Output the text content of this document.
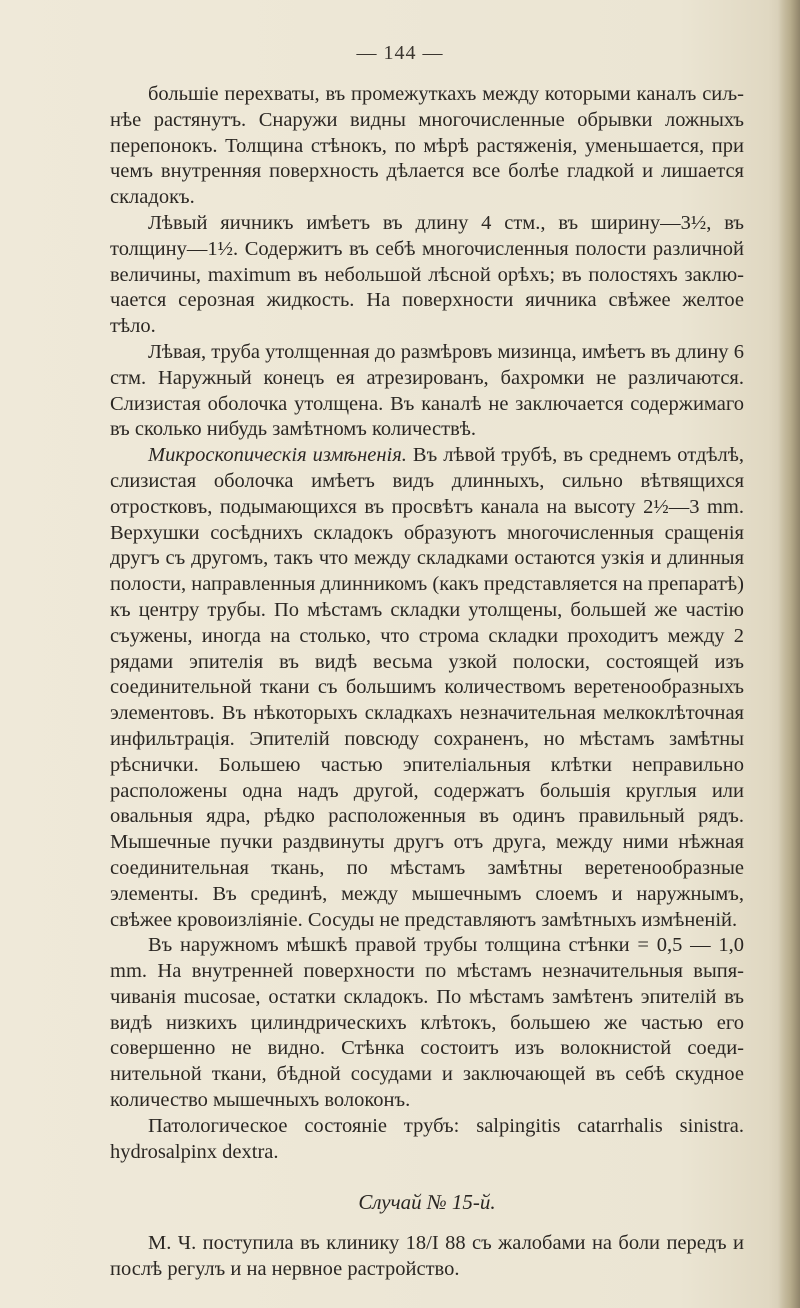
— 144 —

большіе перехваты, въ промежуткахъ между которыми каналъ сиљнѣе растянутъ. Снаружи видны многочисленные обрывки ложныхъ перепонокъ. Толщина стѣнокъ, по мѣрѣ растяженія, уменьшается, при чемъ внутренняя поверхность дѣлается все болѣе гладкой и лишается складокъ.

Лѣвый яичникъ имѣетъ въ длину 4 стм., въ ширину—3½, въ толщину—1½. Содержитъ въ себѣ многочисленныя полости различной величины, maximum въ небольшой лѣсной орѣхъ; въ полостяхъ заключается серозная жидкость. На поверхности яичника свѣжее желтое тѣло.

Лѣвая, труба утолщенная до размѣровъ мизинца, имѣетъ въ длину 6 стм. Наружный конецъ ея атрезированъ, бахромки не различаются. Слизистая оболочка утолщена. Въ каналѣ не заключается содержимаго въ сколько нибудь замѣтномъ количествѣ.

Микроскопическія измѣненія. Въ лѣвой трубѣ, въ среднемъ отдѣлѣ, слизистая оболочка имѣетъ видъ длинныхъ, сильно вѣтвящихся отростковъ, подымающихся въ просвѣтъ канала на высоту 2½—3 mm. Верхушки сосѣднихъ складокъ образуютъ многочисленныя сращенія другъ съ другомъ, такъ что между складками остаются узкія и длинныя полости, направленныя длинникомъ (какъ представляется на препаратѣ) къ центру трубы. По мѣстамъ складки утолщены, большей же частію съужены, иногда на столько, что строма складки проходитъ между 2 рядами эпителія въ видѣ весьма узкой полоски, состоящей изъ соединительной ткани съ большимъ количествомъ веретенообразныхъ элементовъ. Въ нѣкоторыхъ складкахъ незначительная мелкоклѣточная инфильтрація. Эпителій повсюду сохраненъ, но мѣстамъ замѣтны рѣснички. Большею частью эпителіальныя клѣтки неправильно расположены одна надъ другой, содержатъ большія круглыя или овальныя ядра, рѣдко расположенныя въ одинъ правильный рядъ. Мышечные пучки раздвинуты другъ отъ друга, между ними нѣжная соединительная ткань, по мѣстамъ замѣтны веретенообразные элементы. Въ срединѣ, между мышечнымъ слоемъ и наружнымъ, свѣжее кровоизліяніе. Сосуды не представляютъ замѣтныхъ измѣненій.

Въ наружномъ мѣшкѣ правой трубы толщина стѣнки = 0,5 — 1,0 mm. На внутренней поверхности по мѣстамъ незначительныя выпячиванія mucosae, остатки складокъ. По мѣстамъ замѣтенъ эпителій въ видѣ низкихъ цилиндрическихъ клѣтокъ, большею же частью его совершенно не видно. Стѣнка состоитъ изъ волокнистой соединительной ткани, бѣдной сосудами и заключающей въ себѣ скудное количество мышечныхъ волоконъ.

Патологическое состояніе трубъ: salpingitis catarrhalis sinistra. hydrosalpinx dextra.

Случай № 15-й.

М. Ч. поступила въ клинику 18/I 88 съ жалобами на боли передъ и послѣ регулъ и на нервное растройство.
